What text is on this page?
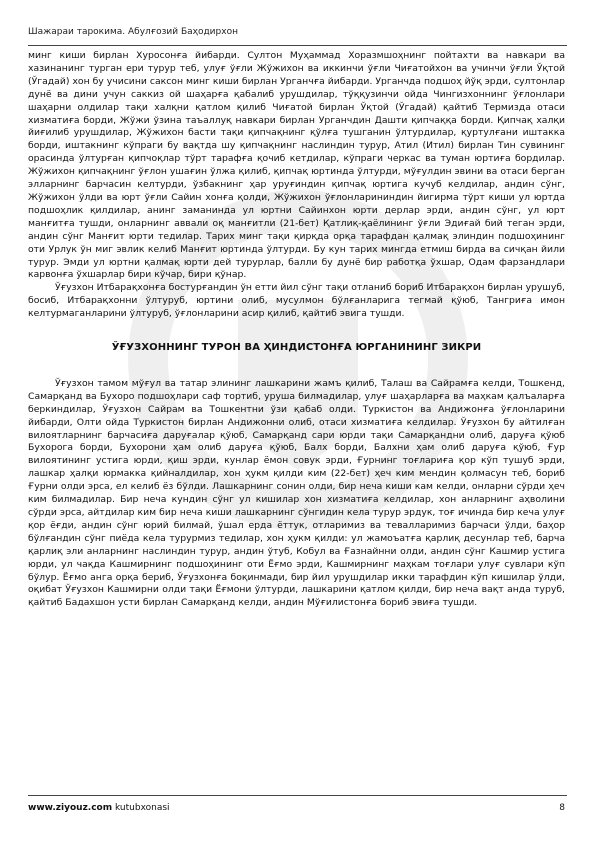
Шажараи тарокима. Абулғозий Баҳодирхон

минг киши бирлан Хуросонға йибарди. Султон Муҳаммад Хоразмшоҳнинг пойтахти ва навкари ва хазинанинг турган ери турур теб, улуғ ўғли Жўжихон ва иккинчи ўғли Чиғатойхон ва учинчи ўғли Ўқтой (Ўгадай) хон бу учисини саксон минг киши бирлан Урганчға йибарди. Урганчда подшоҳ йўқ эрди, султонлар дунё ва дини учун саккиз ой шаҳарға қабалиб урушдилар, тўққузинчи ойда Чингизхоннинг ўғлонлари шаҳарни олдилар тақи халқни қатлом қилиб Чиғатой бирлан Ўқтой (Ўгадай) қайтиб Термизда отаси хизматиға борди, Жўжи ўзина таъаллуқ навкари бирлан Урганчдин Дашти қипчаққа борди. Қипчақ халқи йиғилиб урушдилар, Жўжихон басти тақи қипчақнинг қўлға тушганин ўлтурдилар, қуртулғани иштакка борди, иштакнинг кўпраги бу вақтда шу қипчақнинг наслиндин турур, Атил (Итил) бирлан Тин сувининг орасинда ўлтурған қипчоқлар тўрт тарафға қочиб кетдилар, кўпраги черкас ва туман юртиға бордилар. Жўжихон қипчақнинг ўғлон ушағин ўлжа қилиб, қипчақ юртинда ўлтурди, мўғулдин эвини ва отаси берган элларнинг барчасин келтурди, ўзбакнинг ҳар уруғиндин қипчақ юртига кучуб келдилар, андин сўнг, Жўжихон ўлди ва юрт ўғли Сайин хонға қолди, Жўжихон ўғлонларининдин йигирма тўрт киши ул юртда подшоҳлик қилдилар, анинг заманинда ул юртни Сайинхон юрти дерлар эрди, андин сўнг, ул юрт манғитға тушди, онларнинг аввали оқ манғитли (21-бет) Қатлиқ-қаёлининг ўғли Эдиғай бий теган эрди, андин сўнг Манғит юрти тедилар. Тарих минг тақи қирқда орқа тарафдан қалмақ элиндин подшоҳининг оти Урлук ўн миг эвлик келиб Манғит юртинда ўлтурди. Бу кун тарих мингда етмиш бирда ва сичқан йили турур. Эмди ул юртни қалмақ юрти дей турурлар, балли бу дунё бир работқа ўхшар, Одам фарзандлари карвонға ўхшарлар бири кўчар, бири қўнар.

Ўғузхон Итбарақхонға бостурғандин ўн етти йил сўнг тақи отланиб бориб Итбарақхон бирлан урушуб, босиб, Итбарақхонни ўлтуруб, юртини олиб, мусулмон бўлғанларига тегмай қўюб, Тангриға имон келтурмаганларини ўлтуруб, ўғлонларини асир қилиб, қайтиб эвига тушди.

ЎҒУЗХОННИНГ ТУРОН ВА ҲИНДИСТОНҒА ЮРГАНИНИНГ ЗИКРИ

Ўғузхон тамом мўғул ва татар элининг лашкарини жамъ қилиб, Талаш ва Сайрамға келди, Тошкенд, Самарқанд ва Бухоро подшоҳлари саф тортиб, уруша билмадилар, улуғ шаҳарларға ва маҳкам қалъаларға беркиндилар, Ўғузхон Сайрам ва Тошкентни ўзи қабаб олди. Туркистон ва Андижонға ўғлонларини йибарди, Олти ойда Туркистон бирлан Андижонни олиб, отаси хизматиға келдилар. Ўғузхон бу айтилған вилоятларнинг барчасиға даруғалар қўюб, Самарқанд сари юрди тақи Самарқандни олиб, даруға қўюб Бухорога борди, Бухорони ҳам олиб даруға қўюб, Балх борди, Балхни ҳам олиб даруға қўюб, Ғур вилоятининг устига юрди, қиш эрди, кунлар ёмон совук эрди, Ғурнинг тоғлариға қор кўп тушуб эрди, лашкар ҳалқи юрмакка қийналдилар, хон ҳукм қилди ким (22-бет) ҳеч ким мендин қолмасун теб, бориб Ғурни олди эрса, ел келиб ёз бўлди. Лашкарнинг сонин олди, бир неча киши кам келди, онларни сўрди ҳеч ким билмадилар. Бир неча кундин сўнг ул кишилар хон хизматиға келдилар, хон анларнинг аҳволини сўрди эрса, айтдилар ким бир неча киши лашкарнинг сўнгидин кела турур эрдук, тоғ ичинда бир кеча улуғ қор ёғди, андин сўнг юрий билмай, ўшал ерда ёттук, отларимиз ва тевалларимиз барчаси ўлди, баҳор бўлғандин сўнг пиёда кела турурмиз тедилар, хон ҳукм қилди: ул жамоъатға қарлиқ десунлар теб, барча қарлиқ эли анларнинг наслиндин турур, андин ўтуб, Кобул ва Ғазнайнни олди, андин сўнг Кашмир устига юрди, ул чақда Кашмирнинг подшоҳининг оти Ёғмо эрди, Кашмирнинг маҳкам тоғлари улуғ сувлари кўп бўлур. Ёғмо анга орқа бериб, Ўғузхонға боқинмади, бир йил урушдилар икки тарафдин кўп кишилар ўлди, оқибат Ўғузхон Кашмирни олди тақи Ёғмони ўлтурди, лашкарини қатлом қилди, бир неча вақт анда туруб, қайтиб Бадахшон усти бирлан Самарқанд келди, андин Мўғилистонға бориб эвиға тушди.

www.ziyouz.com kutubxonasi	8
